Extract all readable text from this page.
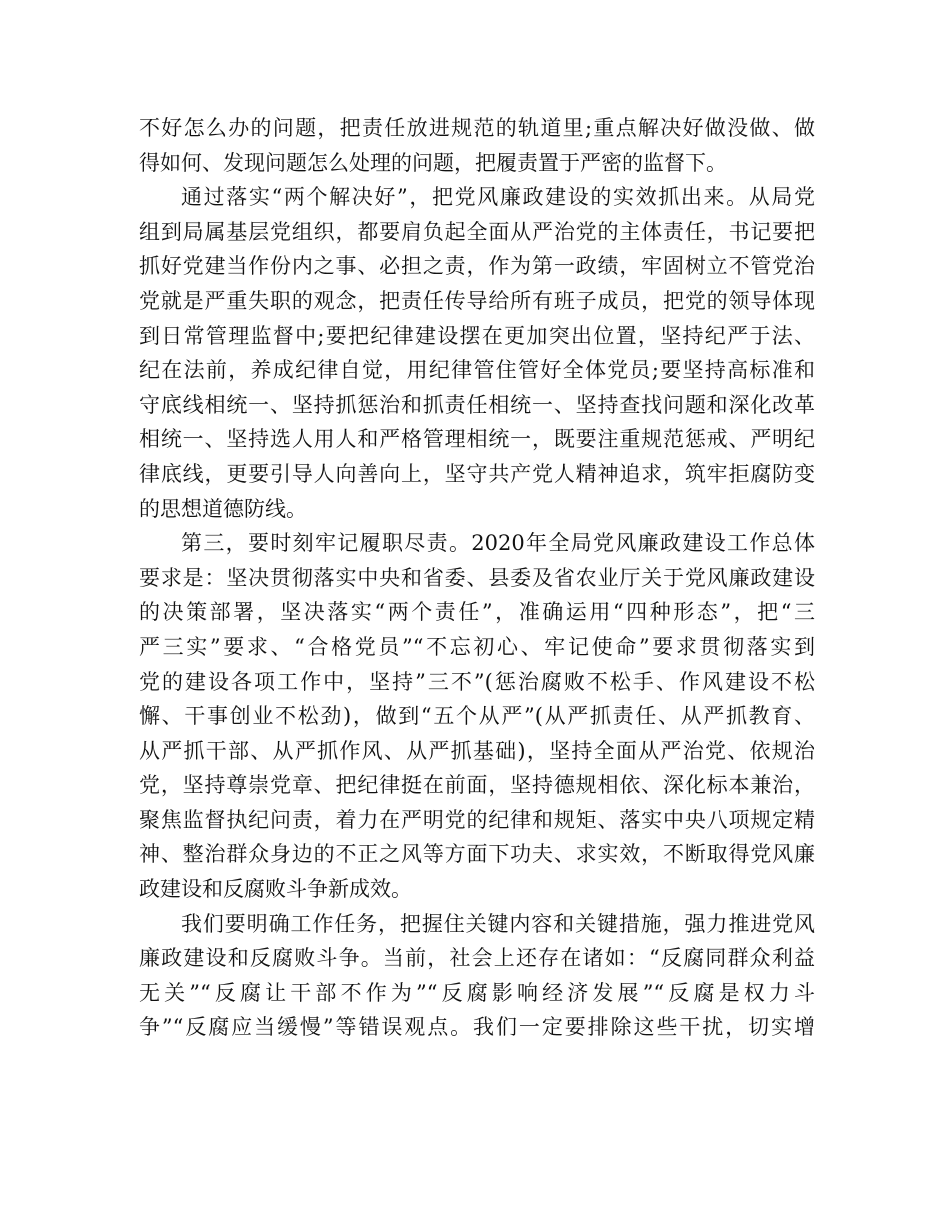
不好怎么办的问题，把责任放进规范的轨道里;重点解决好做没做、做
得如何、发现问题怎么处理的问题，把履责置于严密的监督下。
通过落实“两个解决好”，把党风廉政建设的实效抓出来。从局党
组到局属基层党组织，都要肩负起全面从严治党的主体责任，书记要把
抓好党建当作份内之事、必担之责，作为第一政绩，牢固树立不管党治
党就是严重失职的观念，把责任传导给所有班子成员，把党的领导体现
到日常管理监督中;要把纪律建设摆在更加突出位置，坚持纪严于法、
纪在法前，养成纪律自觉，用纪律管住管好全体党员;要坚持高标准和
守底线相统一、坚持抓惩治和抓责任相统一、坚持查找问题和深化改革
相统一、坚持选人用人和严格管理相统一，既要注重规范惩戒、严明纪
律底线，更要引导人向善向上，坚守共产党人精神追求，筑牢拒腐防变
的思想道德防线。
第三，要时刻牢记履职尽责。2020年全局党风廉政建设工作总体
要求是：坚决贯彻落实中央和省委、县委及省农业厅关于党风廉政建设
的决策部署，坚决落实“两个责任”，准确运用“四种形态”，把“三
严三实”要求、“合格党员”“不忘初心、牢记使命”要求贯彻落实到
党的建设各项工作中，坚持”三不”(惩治腐败不松手、作风建设不松
懈、干事创业不松劲)，做到“五个从严”(从严抓责任、从严抓教育、
从严抓干部、从严抓作风、从严抓基础)，坚持全面从严治党、依规治
党，坚持尊崇党章、把纪律挺在前面，坚持德规相依、深化标本兼治，
聚焦监督执纪问责，着力在严明党的纪律和规矩、落实中央八项规定精
神、整治群众身边的不正之风等方面下功夫、求实效，不断取得党风廉
政建设和反腐败斗争新成效。
我们要明确工作任务，把握住关键内容和关键措施，强力推进党风
廉政建设和反腐败斗争。当前，社会上还存在诸如：“反腐同群众利益
无关”“反腐让干部不作为”“反腐影响经济发展”“反腐是权力斗
争”“反腐应当缓慢”等错误观点。我们一定要排除这些干扰，切实增
